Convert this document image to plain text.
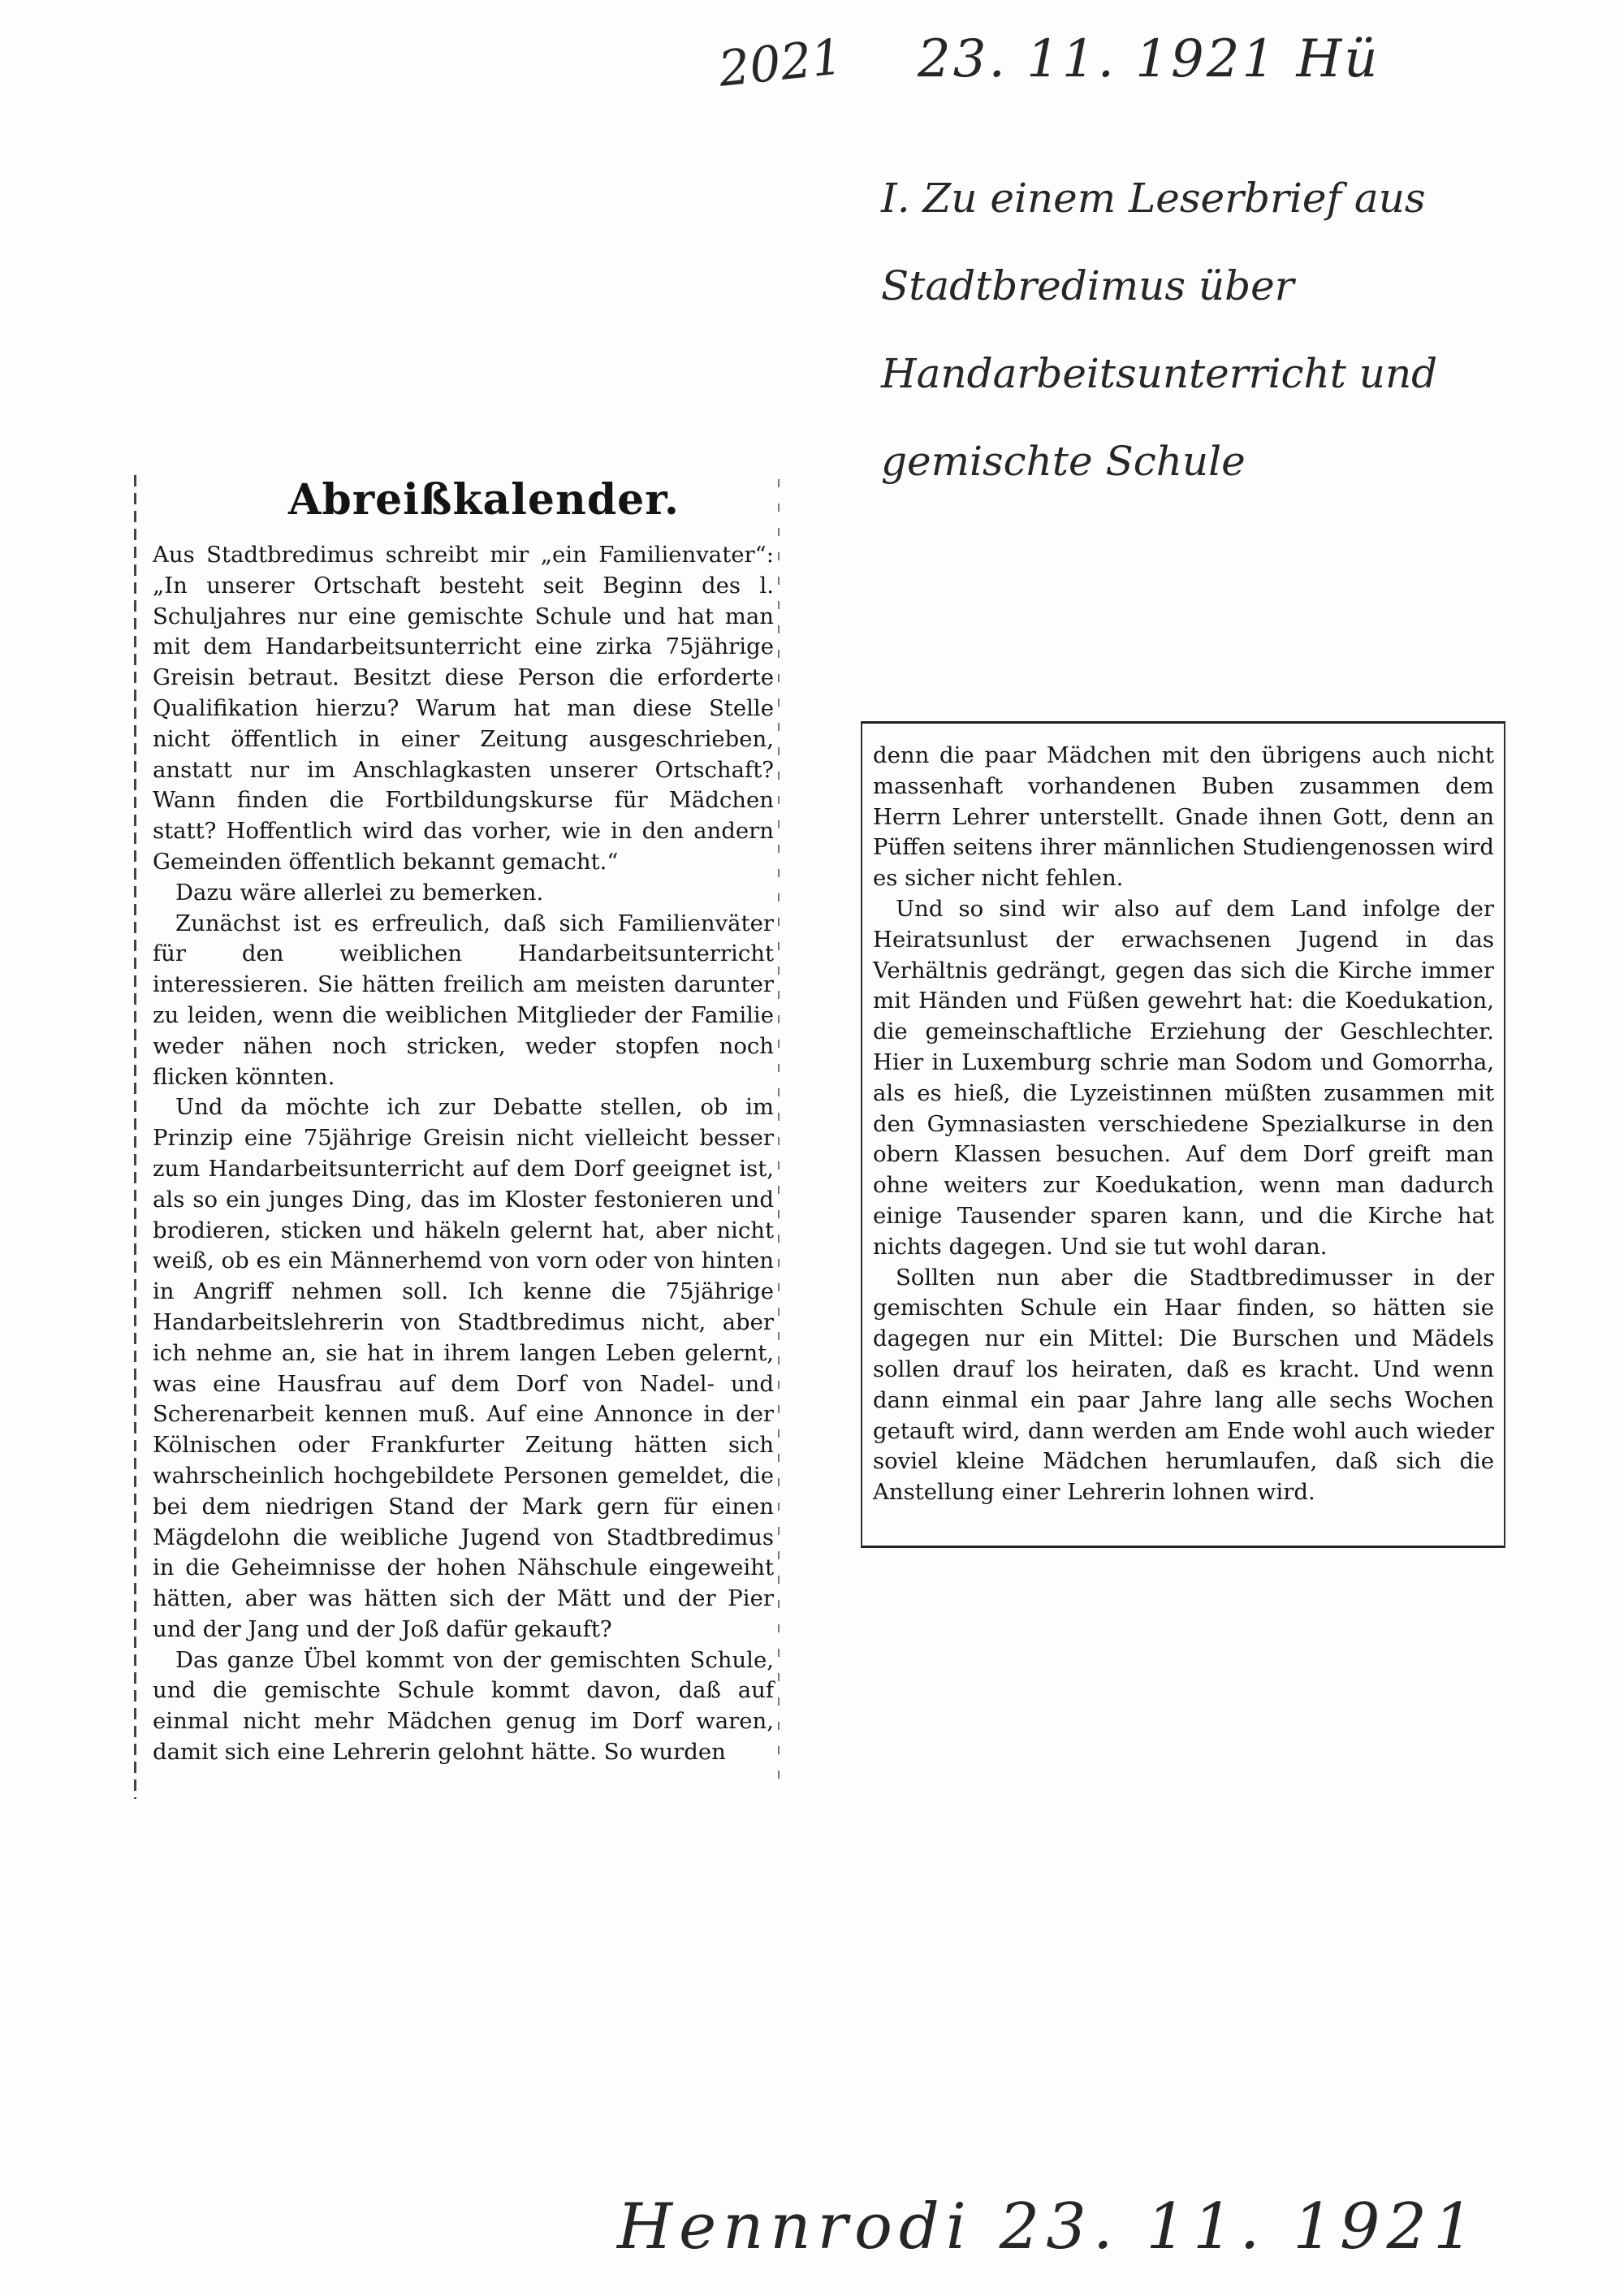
2021 23. 11. 1921 Hü
I. Zu einem Leserbrief aus Stadtbredimus über Handarbeitsunterricht und gemischte Schule
Abreißkalender.

Aus Stadtbredimus schreibt mir „ein Familienvater“: „In unserer Ortschaft besteht seit Beginn des l. Schuljahres nur eine gemischte Schule und hat man mit dem Handarbeitsunterricht eine zirka 75jährige Greisin betraut. Besitzt diese Person die erforderte Qualifikation hierzu? Warum hat man diese Stelle nicht öffentlich in einer Zeitung ausgeschrieben, anstatt nur im Anschlagkasten unserer Ortschaft? Wann finden die Fortbildungskurse für Mädchen statt? Hoffentlich wird das vorher, wie in den andern Gemeinden öffentlich bekannt gemacht.“

Dazu wäre allerlei zu bemerken.

Zunächst ist es erfreulich, daß sich Familienväter für den weiblichen Handarbeitsunterricht interessieren. Sie hätten freilich am meisten darunter zu leiden, wenn die weiblichen Mitglieder der Familie weder nähen noch stricken, weder stopfen noch flicken könnten.

Und da möchte ich zur Debatte stellen, ob im Prinzip eine 75jährige Greisin nicht vielleicht besser zum Handarbeitsunterricht auf dem Dorf geeignet ist, als so ein junges Ding, das im Kloster festonieren und brodieren, sticken und häkeln gelernt hat, aber nicht weiß, ob es ein Männerhemd von vorn oder von hinten in Angriff nehmen soll. Ich kenne die 75jährige Handarbeitslehrerin von Stadtbredimus nicht, aber ich nehme an, sie hat in ihrem langen Leben gelernt, was eine Hausfrau auf dem Dorf von Nadel- und Scherenarbeit kennen muß. Auf eine Annonce in der Kölnischen oder Frankfurter Zeitung hätten sich wahrscheinlich hochgebildete Personen gemeldet, die bei dem niedrigen Stand der Mark gern für einen Mägdelohn die weibliche Jugend von Stadtbredimus in die Geheimnisse der hohen Nähschule eingeweiht hätten, aber was hätten sich der Mätt und der Pier und der Jang und der Joß dafür gekauft?

Das ganze Übel kommt von der gemischten Schule, und die gemischte Schule kommt davon, daß auf einmal nicht mehr Mädchen genug im Dorf waren, damit sich eine Lehrerin gelohnt hätte. So wurden

denn die paar Mädchen mit den übrigens auch nicht massenhaft vorhandenen Buben zusammen dem Herrn Lehrer unterstellt. Gnade ihnen Gott, denn an Püffen seitens ihrer männlichen Studiengenossen wird es sicher nicht fehlen.

Und so sind wir also auf dem Land infolge der Heiratsunlust der erwachsenen Jugend in das Verhältnis gedrängt, gegen das sich die Kirche immer mit Händen und Füßen gewehrt hat: die Koedukation, die gemeinschaftliche Erziehung der Geschlechter. Hier in Luxemburg schrie man Sodom und Gomorrha, als es hieß, die Lyzeistinnen müßten zusammen mit den Gymnasiasten verschiedene Spezialkurse in den obern Klassen besuchen. Auf dem Dorf greift man ohne weiters zur Koedukation, wenn man dadurch einige Tausender sparen kann, und die Kirche hat nichts dagegen. Und sie tut wohl daran.

Sollten nun aber die Stadtbredimusser in der gemischten Schule ein Haar finden, so hätten sie dagegen nur ein Mittel: Die Burschen und Mädels sollen drauf los heiraten, daß es kracht. Und wenn dann einmal ein paar Jahre lang alle sechs Wochen getauft wird, dann werden am Ende wohl auch wieder soviel kleine Mädchen herumlaufen, daß sich die Anstellung einer Lehrerin lohnen wird.

Hennrodi 23. 11. 1921
